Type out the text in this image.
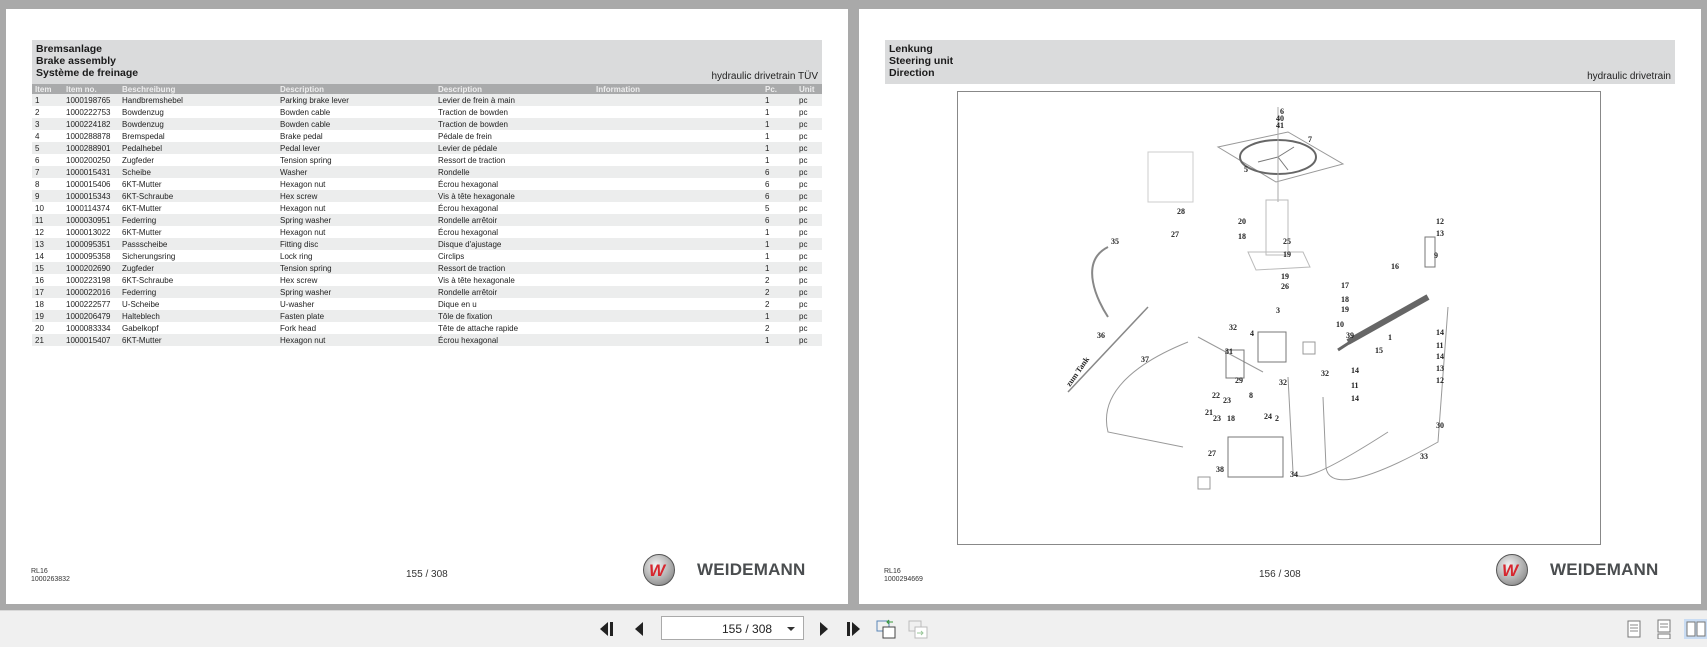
Bremsanlage
Brake assembly
Système de freinage	hydraulic drivetrain TÜV
Item	Item no.	Beschreibung	Description	Description	Information	Pc.	Unit
1	1000198765	Handbremshebel	Parking brake lever	Levier de frein à main		1	pc
2	1000222753	Bowdenzug	Bowden cable	Traction de bowden		1	pc
3	1000224182	Bowdenzug	Bowden cable	Traction de bowden		1	pc
4	1000288878	Bremspedal	Brake pedal	Pédale de frein		1	pc
5	1000288901	Pedalhebel	Pedal lever	Levier de pédale		1	pc
6	1000200250	Zugfeder	Tension spring	Ressort de traction		1	pc
7	1000015431	Scheibe	Washer	Rondelle		6	pc
8	1000015406	6KT-Mutter	Hexagon nut	Écrou hexagonal		6	pc
9	1000015343	6KT-Schraube	Hex screw	Vis à tête hexagonale		6	pc
10	1000114374	6KT-Mutter	Hexagon nut	Écrou hexagonal		5	pc
11	1000030951	Federring	Spring washer	Rondelle arrêtoir		6	pc
12	1000013022	6KT-Mutter	Hexagon nut	Écrou hexagonal		1	pc
13	1000095351	Passscheibe	Fitting disc	Disque d'ajustage		1	pc
14	1000095358	Sicherungsring	Lock ring	Circlips		1	pc
15	1000202690	Zugfeder	Tension spring	Ressort de traction		1	pc
16	1000223198	6KT-Schraube	Hex screw	Vis à tête hexagonale		2	pc
17	1000022016	Federring	Spring washer	Rondelle arrêtoir		2	pc
18	1000222577	U-Scheibe	U-washer	Dique en u		2	pc
19	1000206479	Halteblech	Fasten plate	Tôle de fixation		1	pc
20	1000083334	Gabelkopf	Fork head	Tête de attache rapide		2	pc
21	1000015407	6KT-Mutter	Hexagon nut	Écrou hexagonal		1	pc
RL16
1000263832	155 / 308	W WEIDEMANN
Lenkung
Steering unit
Direction	hydraulic drivetrain
6
40
41
7
5
28
27
20
18
25
19
19
26
35
36
37
3
4
32
31
29	32
32
8
22
23
21
23 18	24 2
27
38
34
33
30
17
18
19
10
39
15
1
16
12
13
9
14
11
14
13
12
14
11
14
zum Tank
RL16
1000294669	156 / 308	W WEIDEMANN
155 / 308
